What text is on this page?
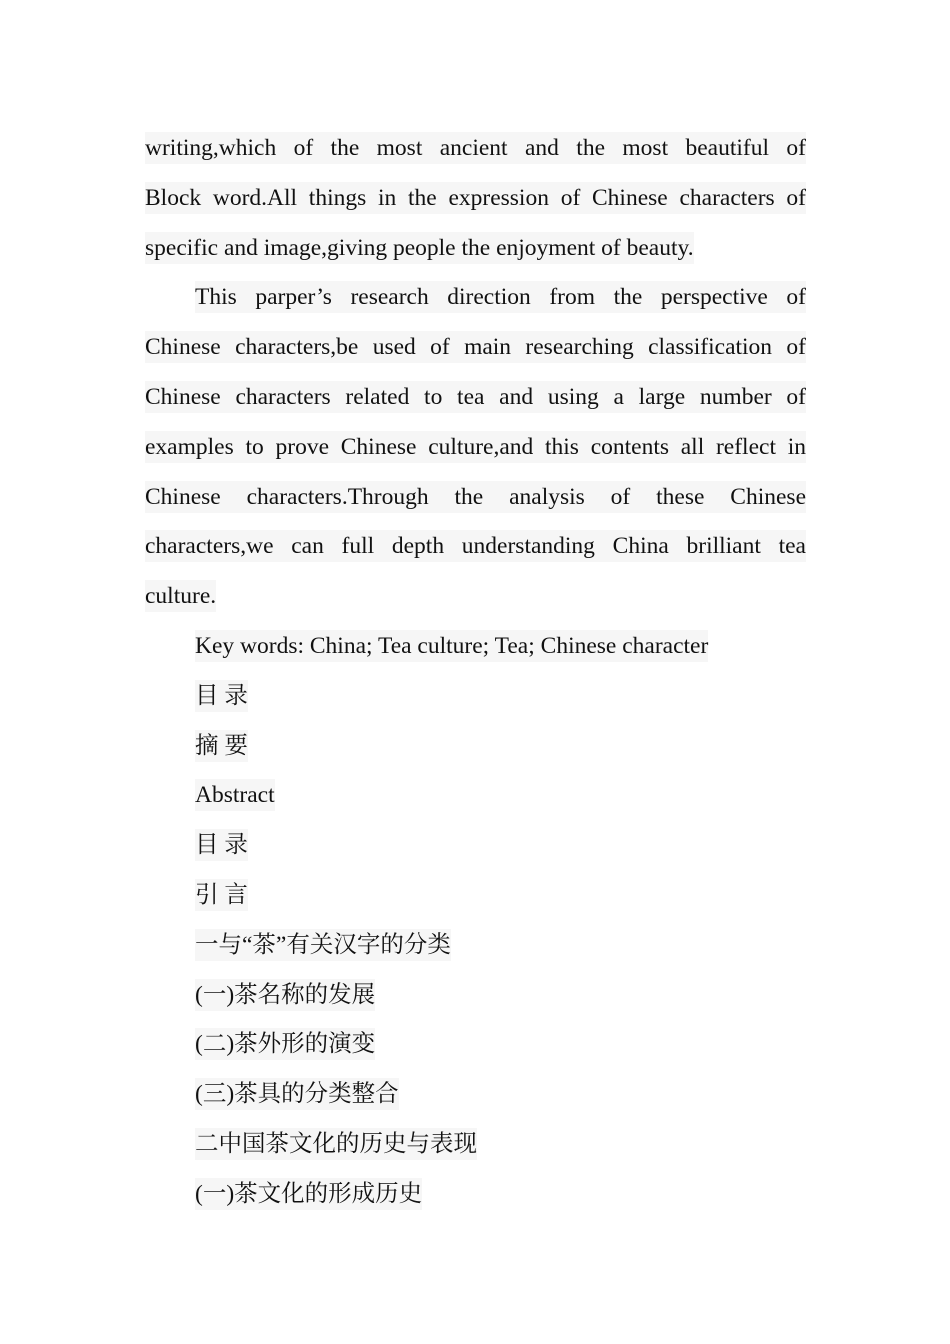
writing,which of the most ancient and the most beautiful of
Block word.All things in the expression of Chinese characters of
specific and image,giving people the enjoyment of beauty.
This parper’s research direction from the perspective of
Chinese characters,be used of main researching classification of
Chinese characters related to tea and using a large number of
examples to prove Chinese culture,and this contents all reflect in
Chinese characters.Through the analysis of these Chinese
characters,we can full depth understanding China brilliant tea
culture.
Key words: China; Tea culture; Tea; Chinese character
目 录
摘 要
Abstract
目 录
引 言
一与“茶”有关汉字的分类
(一)茶名称的发展
(二)茶外形的演变
(三)茶具的分类整合
二中国茶文化的历史与表现
(一)茶文化的形成历史
